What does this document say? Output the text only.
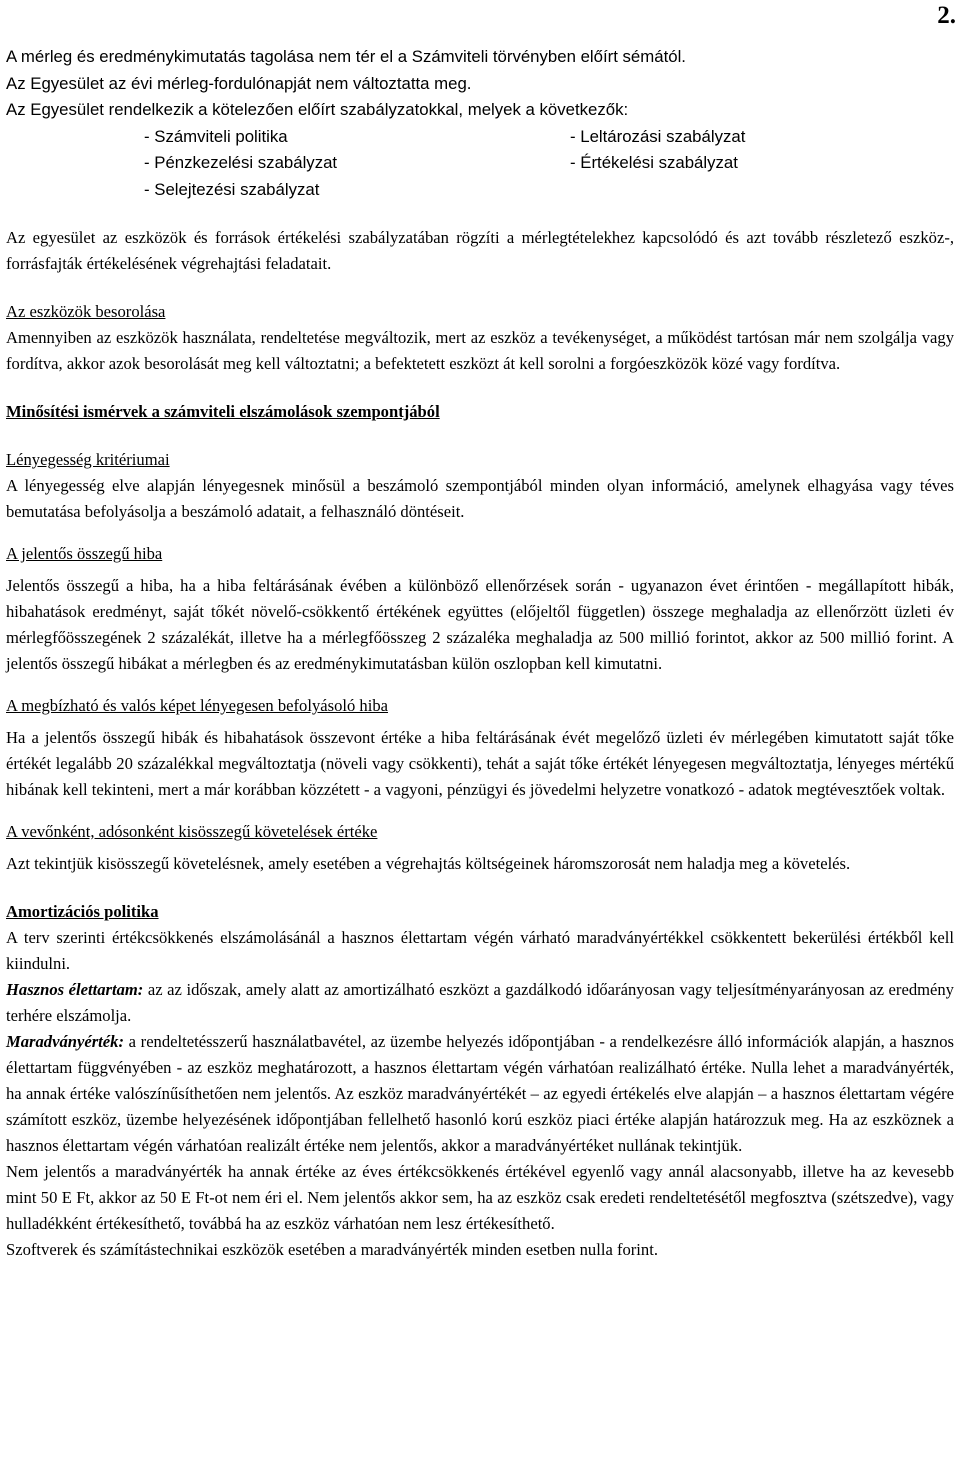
2.

A mérleg és eredménykimutatás tagolása nem tér el a Számviteli törvényben előírt sémától.

Az Egyesület az évi mérleg-fordulónapját nem változtatta meg.

Az Egyesület rendelkezik a kötelezően előírt szabályzatokkal, melyek a következők:

- Számviteli politika	- Leltározási szabályzat
- Pénzkezelési szabályzat	- Értékelési szabályzat
- Selejtezési szabályzat

Az egyesület az eszközök és források értékelési szabályzatában rögzíti a mérlegtételekhez kapcsolódó és azt tovább részletező eszköz-, forrásfajták értékelésének végrehajtási feladatait.

Az eszközök besorolása

Amennyiben az eszközök használata, rendeltetése megváltozik, mert az eszköz a tevékenységet, a működést tartósan már nem szolgálja vagy fordítva, akkor azok besorolását meg kell változtatni; a befektetett eszközt át kell sorolni a forgóeszközök közé vagy fordítva.

Minősítési ismérvek a számviteli elszámolások szempontjából

Lényegesség kritériumai

A lényegesség elve alapján lényegesnek minősül a beszámoló szempontjából minden olyan információ, amelynek elhagyása vagy téves bemutatása befolyásolja a beszámoló adatait, a felhasználó döntéseit.

A jelentős összegű hiba

Jelentős összegű a hiba, ha a hiba feltárásának évében a különböző ellenőrzések során - ugyanazon évet érintően - megállapított hibák, hibahatások eredményt, saját tőkét növelő-csökkentő értékének együttes (előjeltől független) összege meghaladja az ellenőrzött üzleti év mérlegfőösszegének 2 százalékát, illetve ha a mérlegfőösszeg 2 százaléka meghaladja az 500 millió forintot, akkor az 500 millió forint. A jelentős összegű hibákat a mérlegben és az eredménykimutatásban külön oszlopban kell kimutatni.

A megbízható és valós képet lényegesen befolyásoló hiba

Ha a jelentős összegű hibák és hibahatások összevont értéke a hiba feltárásának évét megelőző üzleti év mérlegében kimutatott saját tőke értékét legalább 20 százalékkal megváltoztatja (növeli vagy csökkenti), tehát a saját tőke értékét lényegesen megváltoztatja, lényeges mértékű hibának kell tekinteni, mert a már korábban közzétett - a vagyoni, pénzügyi és jövedelmi helyzetre vonatkozó - adatok megtévesztőek voltak.

A vevőnként, adósonként kisösszegű követelések értéke

Azt tekintjük kisösszegű követelésnek, amely esetében a végrehajtás költségeinek háromszorosát nem haladja meg a követelés.

Amortizációs politika

A terv szerinti értékcsökkenés elszámolásánál a hasznos élettartam végén várható maradványértékkel csökkentett bekerülési értékből kell kiindulni.

Hasznos élettartam: az az időszak, amely alatt az amortizálható eszközt a gazdálkodó időarányosan vagy teljesítményarányosan az eredmény terhére elszámolja.

Maradványérték: a rendeltetésszerű használatbavétel, az üzembe helyezés időpontjában - a rendelkezésre álló információk alapján, a hasznos élettartam függvényében - az eszköz meghatározott, a hasznos élettartam végén várhatóan realizálható értéke. Nulla lehet a maradványérték, ha annak értéke valószínűsíthetően nem jelentős. Az eszköz maradványértékét – az egyedi értékelés elve alapján – a hasznos élettartam végére számított eszköz, üzembe helyezésének időpontjában fellelhető hasonló korú eszköz piaci értéke alapján határozzuk meg. Ha az eszköznek a hasznos élettartam végén várhatóan realizált értéke nem jelentős, akkor a maradványértéket nullának tekintjük.

Nem jelentős a maradványérték ha annak értéke az éves értékcsökkenés értékével egyenlő vagy annál alacsonyabb, illetve ha az kevesebb mint 50 E Ft, akkor az 50 E Ft-ot nem éri el. Nem jelentős akkor sem, ha az eszköz csak eredeti rendeltetésétől megfosztva (szétszedve), vagy hulladékként értékesíthető, továbbá ha az eszköz várhatóan nem lesz értékesíthető.

Szoftverek és számítástechnikai eszközök esetében a maradványérték minden esetben nulla forint.
